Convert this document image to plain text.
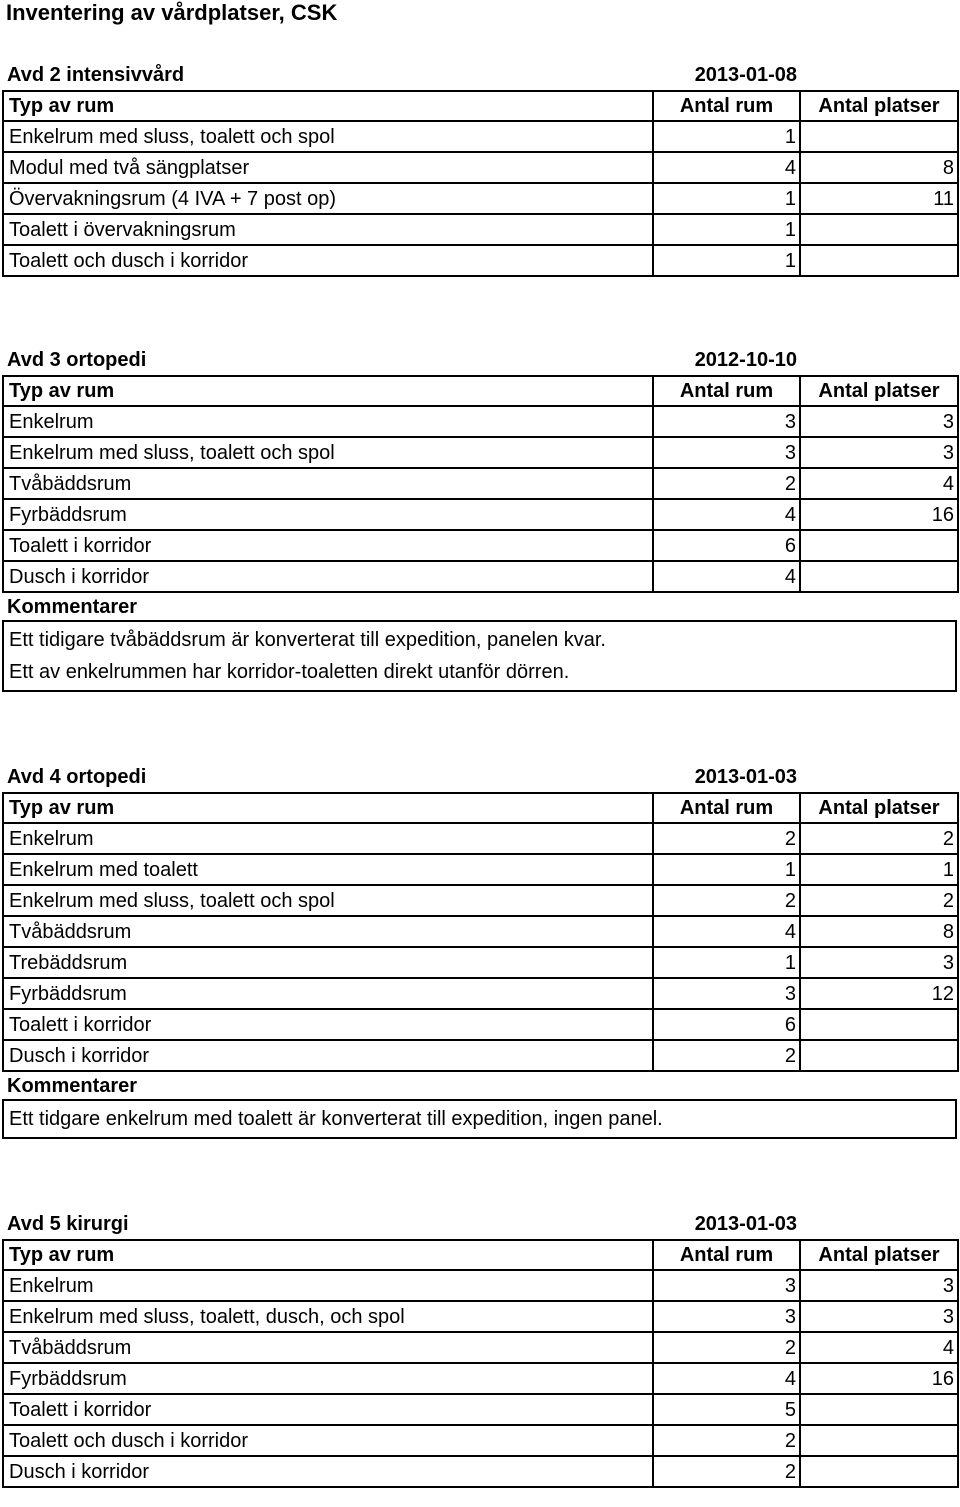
Inventering av vårdplatser, CSK
Avd 2 intensivvård	2013-01-08
Typ av rum	Antal rum	Antal platser
Enkelrum med sluss, toalett och spol	1	
Modul med två sängplatser	4	8
Övervakningsrum (4 IVA + 7 post op)	1	11
Toalett i övervakningsrum	1	
Toalett och dusch i korridor	1	
Avd 3 ortopedi	2012-10-10
Typ av rum	Antal rum	Antal platser
Enkelrum	3	3
Enkelrum med sluss, toalett och spol	3	3
Tvåbäddsrum	2	4
Fyrbäddsrum	4	16
Toalett i korridor	6	
Dusch i korridor	4	
Kommentarer
Ett tidigare tvåbäddsrum är konverterat till expedition, panelen kvar.
Ett av enkelrummen har korridor-toaletten direkt utanför dörren.
Avd 4 ortopedi	2013-01-03
Typ av rum	Antal rum	Antal platser
Enkelrum	2	2
Enkelrum med toalett	1	1
Enkelrum med sluss, toalett och spol	2	2
Tvåbäddsrum	4	8
Trebäddsrum	1	3
Fyrbäddsrum	3	12
Toalett i korridor	6	
Dusch i korridor	2	
Kommentarer
Ett tidgare enkelrum med toalett är konverterat till expedition, ingen panel.
Avd 5 kirurgi	2013-01-03
Typ av rum	Antal rum	Antal platser
Enkelrum	3	3
Enkelrum med sluss, toalett, dusch, och spol	3	3
Tvåbäddsrum	2	4
Fyrbäddsrum	4	16
Toalett i korridor	5	
Toalett och dusch i korridor	2	
Dusch i korridor	2	
